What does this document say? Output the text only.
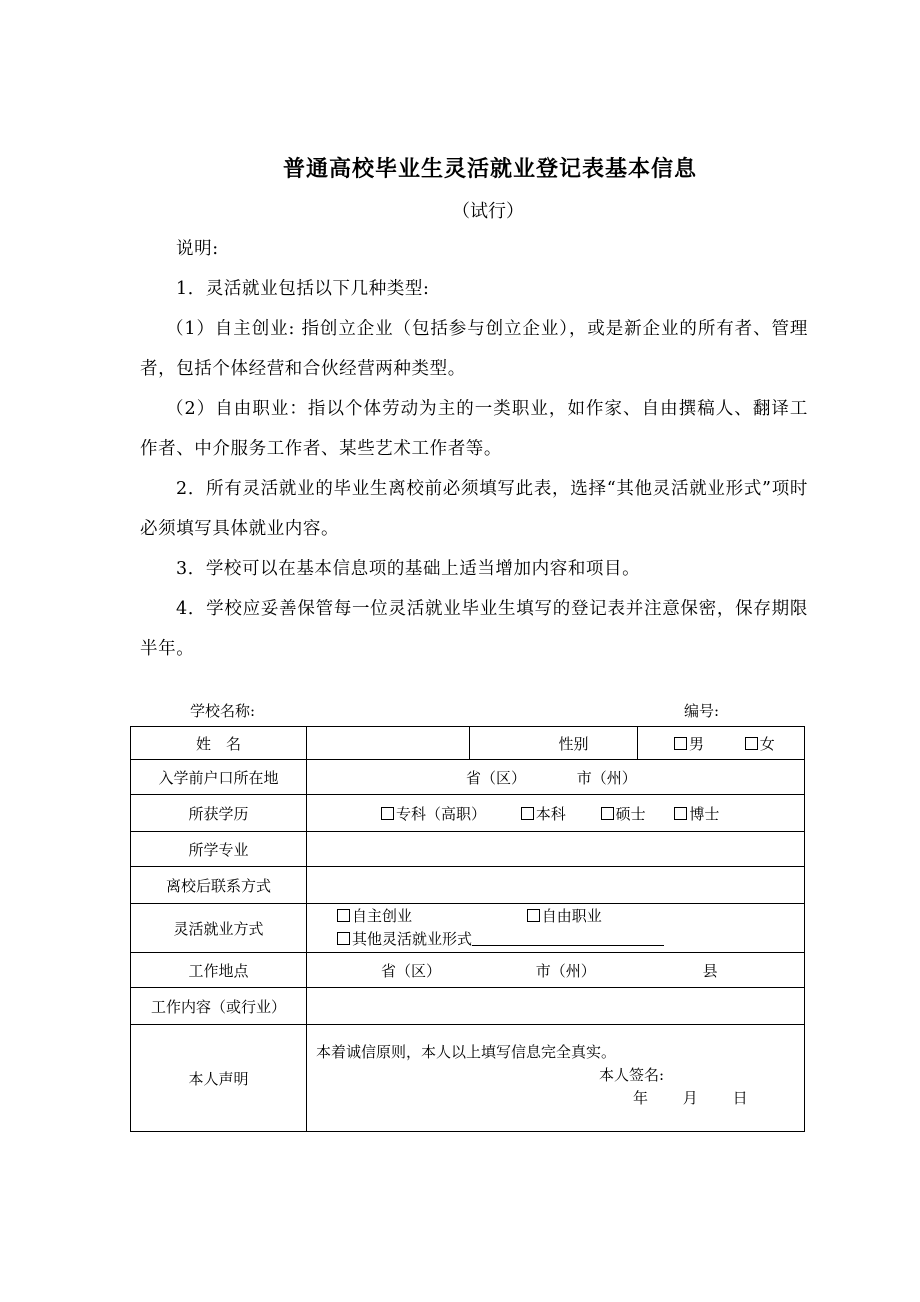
普通高校毕业生灵活就业登记表基本信息
（试行）
说明:
1．灵活就业包括以下几种类型:
（1）自主创业: 指创立企业（包括参与创立企业），或是新企业的所有者、管理者，包括个体经营和合伙经营两种类型。
（2）自由职业：指以个体劳动为主的一类职业，如作家、自由撰稿人、翻译工作者、中介服务工作者、某些艺术工作者等。
2．所有灵活就业的毕业生离校前必须填写此表，选择“其他灵活就业形式”项时必须填写具体就业内容。
3．学校可以在基本信息项的基础上适当增加内容和项目。
4．学校应妥善保管每一位灵活就业毕业生填写的登记表并注意保密，保存期限半年。
学校名称:	编号:
姓　名		性别	男 女
入学前户口所在地	省（区） 市（州）		
所获学历	专科（高职） 本科 硕士 博士		
所学专业			
离校后联系方式			
灵活就业方式	自主创业 自由职业
其他灵活就业形式		

工作地点	省（区） 市（州） 县		
工作内容（或行业）			
本人声明	本着诚信原则，本人以上填写信息完全真实。
本人签名:
年 月 日		
